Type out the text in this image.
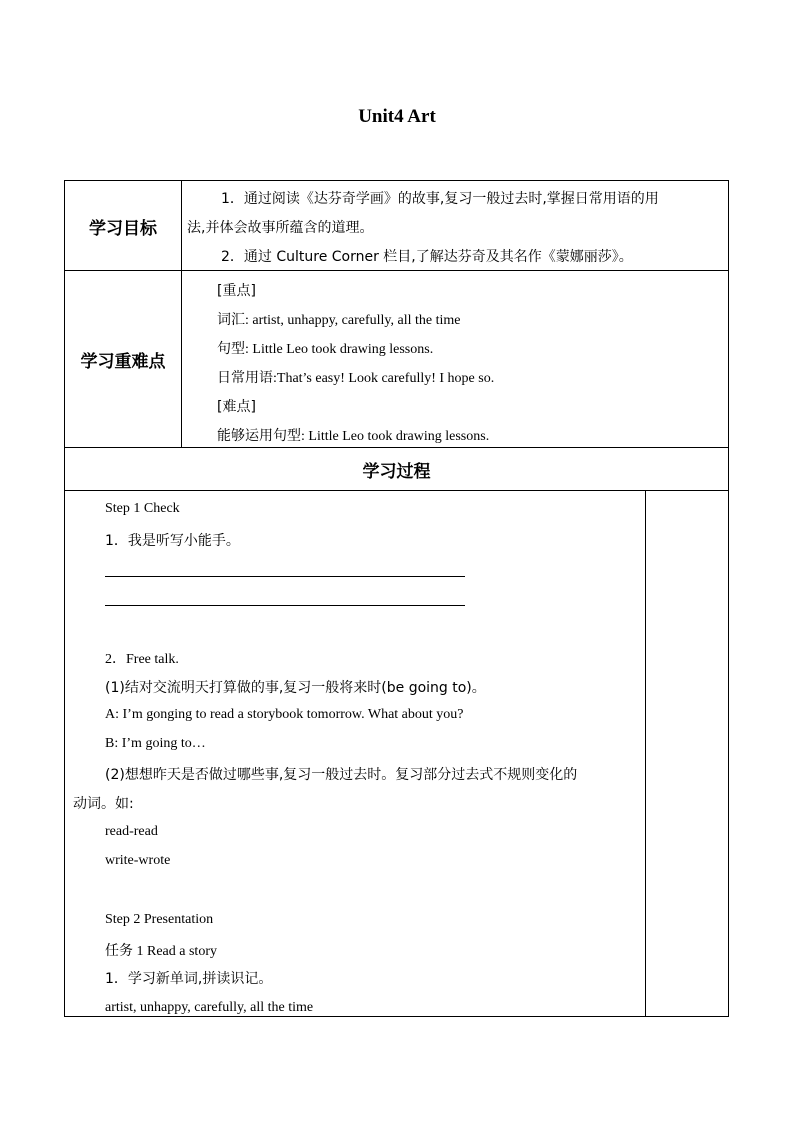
Unit4 Art
学习目标
1．通过阅读《达芬奇学画》的故事,复习一般过去时,掌握日常用语的用
法,并体会故事所蕴含的道理。
2．通过 Culture Corner 栏目,了解达芬奇及其名作《蒙娜丽莎》。
学习重难点
[重点]
词汇: artist, unhappy, carefully, all the time
句型: Little Leo took drawing lessons.
日常用语:That’s easy! Look carefully! I hope so.
[难点]
能够运用句型: Little Leo took drawing lessons.
学习过程
Step 1 Check
1．我是听写小能手。
2．Free talk.
(1)结对交流明天打算做的事,复习一般将来时(be going to)。
A: I’m gonging to read a storybook tomorrow. What about you?
B: I’m going to…
(2)想想昨天是否做过哪些事,复习一般过去时。复习部分过去式不规则变化的
动词。如:
read-read
write-wrote
Step 2 Presentation
任务 1 Read a story
1．学习新单词,拼读识记。
artist, unhappy, carefully, all the time
